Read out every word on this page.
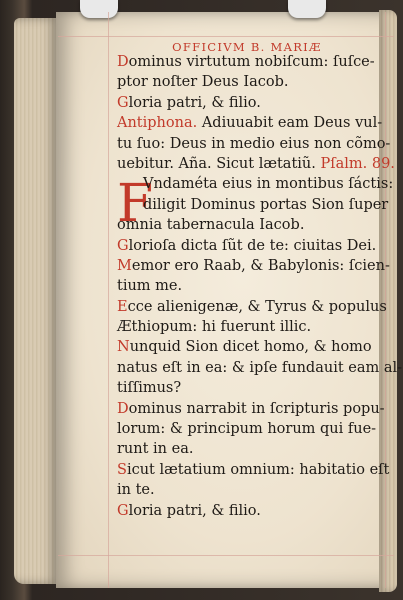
OFFICIVM B. MARIÆ
F
Dominus virtutum nobiſcum: ſuſce-
ptor noſter Deus Iacob.
Gloria patri, & filio.
Antiphona. Adiuuabit eam Deus vul-
tu ſuo: Deus in medio eius non cõmo-
uebitur. Aña. Sicut lætatiũ. Pſalm. 89.
Vndaméta eius in montibus ſáctis:
diligit Dominus portas Sion ſuper
omnia tabernacula Iacob.
Glorioſa dicta ſũt de te: ciuitas Dei.
Memor ero Raab, & Babylonis: ſcien-
tium me.
Ecce alienigenæ, & Tyrus & populus
Æthiopum: hi fuerunt illic.
Nunquid Sion dicet homo, & homo
natus eſt in ea: & ipſe fundauit eam al-
tiſſimus?
Dominus narrabit in ſcripturis popu-
lorum: & principum horum qui fue-
runt in ea.
Sicut lætatium omnium: habitatio eſt
in te.
Gloria patri, & filio.
